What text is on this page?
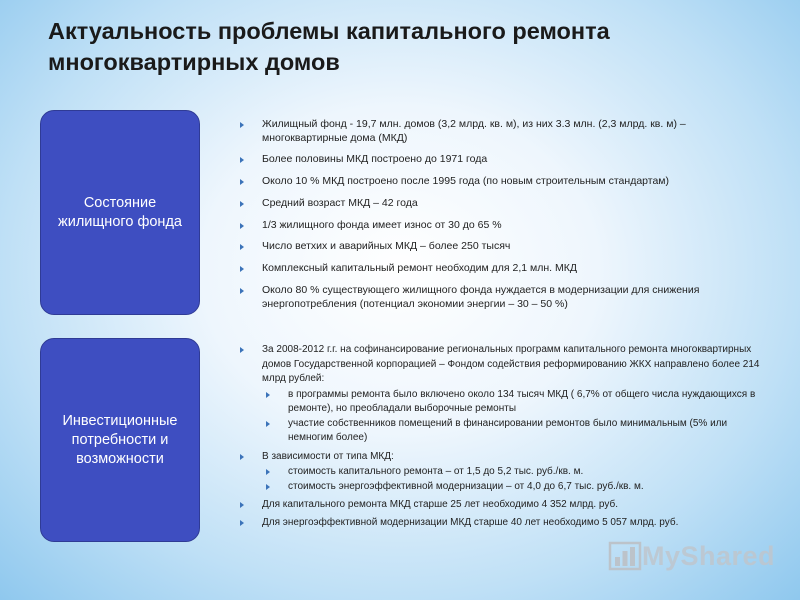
Актуальность проблемы капитального ремонта многоквартирных домов
Состояние жилищного фонда
Жилищный фонд - 19,7 млн. домов (3,2 млрд. кв. м), из них 3.3 млн. (2,3 млрд. кв. м) – многоквартирные дома (МКД)
Более половины МКД построено до 1971 года
Около 10 % МКД построено после 1995 года (по новым строительным стандартам)
Средний возраст МКД – 42 года
1/3 жилищного фонда имеет износ от 30 до 65 %
Число ветхих и аварийных МКД – более 250 тысяч
Комплексный капитальный ремонт необходим для 2,1 млн. МКД
Около 80 % существующего жилищного фонда нуждается в модернизации для снижения энергопотребления (потенциал экономии энергии – 30 – 50 %)
Инвестиционные потребности и возможности
За 2008-2012 г.г. на софинансирование региональных программ капитального ремонта многоквартирных домов Государственной корпорацией – Фондом содействия реформированию ЖКХ направлено более 214 млрд рублей:
в программы ремонта было включено около 134 тысяч МКД ( 6,7% от общего числа нуждающихся в ремонте), но преобладали выборочные ремонты
участие собственников помещений в финансировании ремонтов было минимальным (5% или немногим более)
В зависимости от типа МКД:
стоимость капитального ремонта – от 1,5 до 5,2 тыс. руб./кв. м.
стоимость энергоэффективной модернизации – от 4,0 до 6,7 тыс. руб./кв. м.
Для капитального ремонта МКД старше 25 лет необходимо 4 352 млрд. руб.
Для энергоэффективной модернизации МКД старше 40 лет необходимо 5 057 млрд. руб.
MyShared
